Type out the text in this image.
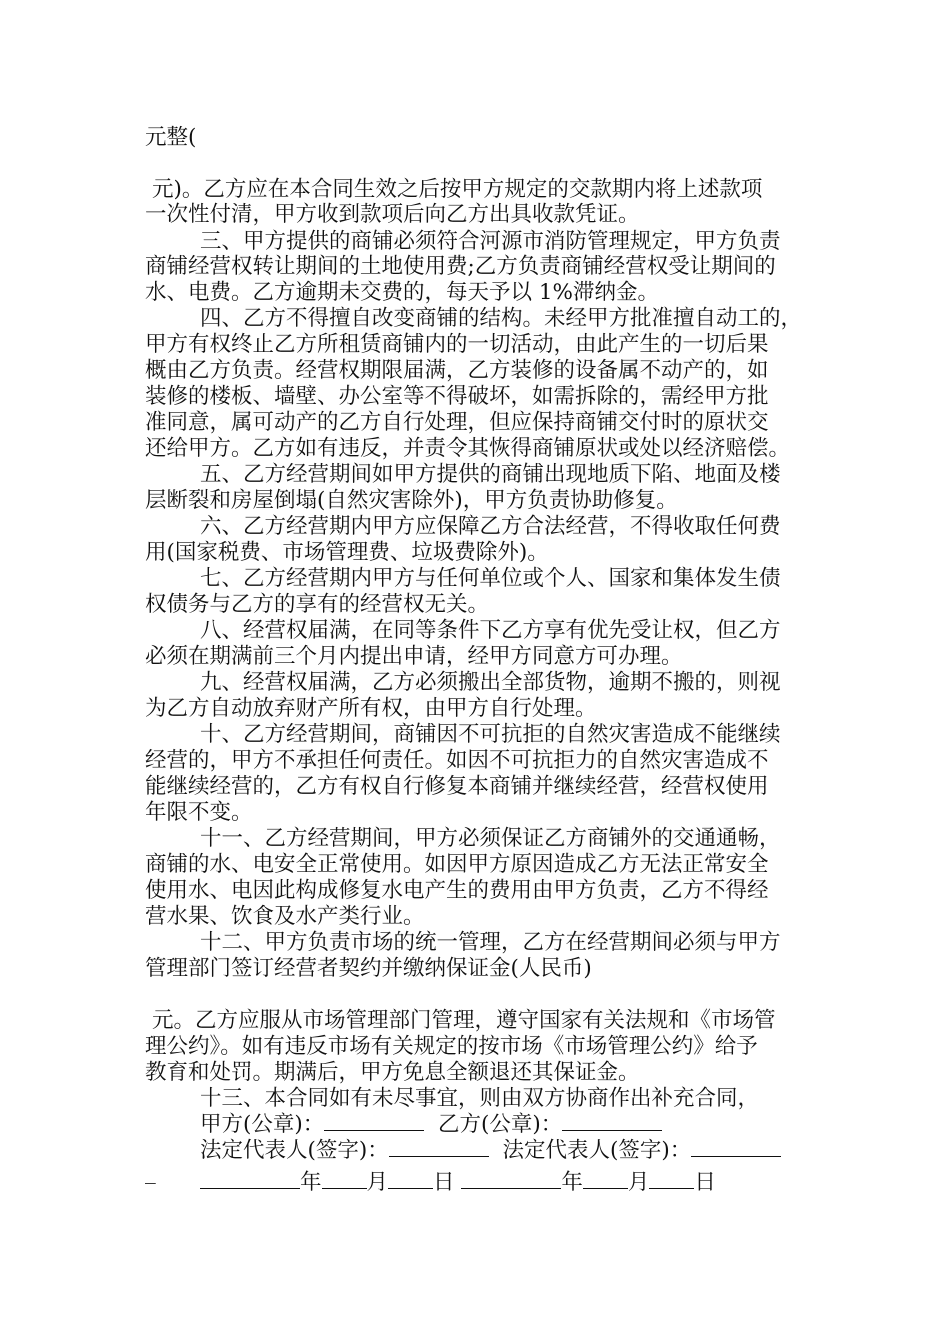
元整(
元)。乙方应在本合同生效之后按甲方规定的交款期内将上述款项
一次性付清，甲方收到款项后向乙方出具收款凭证。
三、甲方提供的商铺必须符合河源市消防管理规定，甲方负责
商铺经营权转让期间的土地使用费;乙方负责商铺经营权受让期间的
水、电费。乙方逾期未交费的，每天予以 1%滞纳金。
四、乙方不得擅自改变商铺的结构。未经甲方批准擅自动工的，
甲方有权终止乙方所租赁商铺内的一切活动，由此产生的一切后果
概由乙方负责。经营权期限届满，乙方装修的设备属不动产的，如
装修的楼板、墙壁、办公室等不得破坏，如需拆除的，需经甲方批
准同意，属可动产的乙方自行处理，但应保持商铺交付时的原状交
还给甲方。乙方如有违反，并责令其恢得商铺原状或处以经济赔偿。
五、乙方经营期间如甲方提供的商铺出现地质下陷、地面及楼
层断裂和房屋倒塌(自然灾害除外)，甲方负责协助修复。
六、乙方经营期内甲方应保障乙方合法经营，不得收取任何费
用(国家税费、市场管理费、垃圾费除外)。
七、乙方经营期内甲方与任何单位或个人、国家和集体发生债
权债务与乙方的享有的经营权无关。
八、经营权届满，在同等条件下乙方享有优先受让权，但乙方
必须在期满前三个月内提出申请，经甲方同意方可办理。
九、经营权届满，乙方必须搬出全部货物，逾期不搬的，则视
为乙方自动放弃财产所有权，由甲方自行处理。
十、乙方经营期间，商铺因不可抗拒的自然灾害造成不能继续
经营的，甲方不承担任何责任。如因不可抗拒力的自然灾害造成不
能继续经营的，乙方有权自行修复本商铺并继续经营，经营权使用
年限不变。
十一、乙方经营期间，甲方必须保证乙方商铺外的交通通畅，
商铺的水、电安全正常使用。如因甲方原因造成乙方无法正常安全
使用水、电因此构成修复水电产生的费用由甲方负责，乙方不得经
营水果、饮食及水产类行业。
十二、甲方负责市场的统一管理，乙方在经营期间必须与甲方
管理部门签订经营者契约并缴纳保证金(人民币)
元。乙方应服从市场管理部门管理，遵守国家有关法规和《市场管
理公约》。如有违反市场有关规定的按市场《市场管理公约》给予
教育和处罚。期满后，甲方免息全额退还其保证金。
十三、本合同如有未尽事宜，则由双方协商作出补充合同，
甲方(公章)：	乙方(公章)：
法定代表人(签字)：	法定代表人(签字)：
_	年 月 日	年 月 日
